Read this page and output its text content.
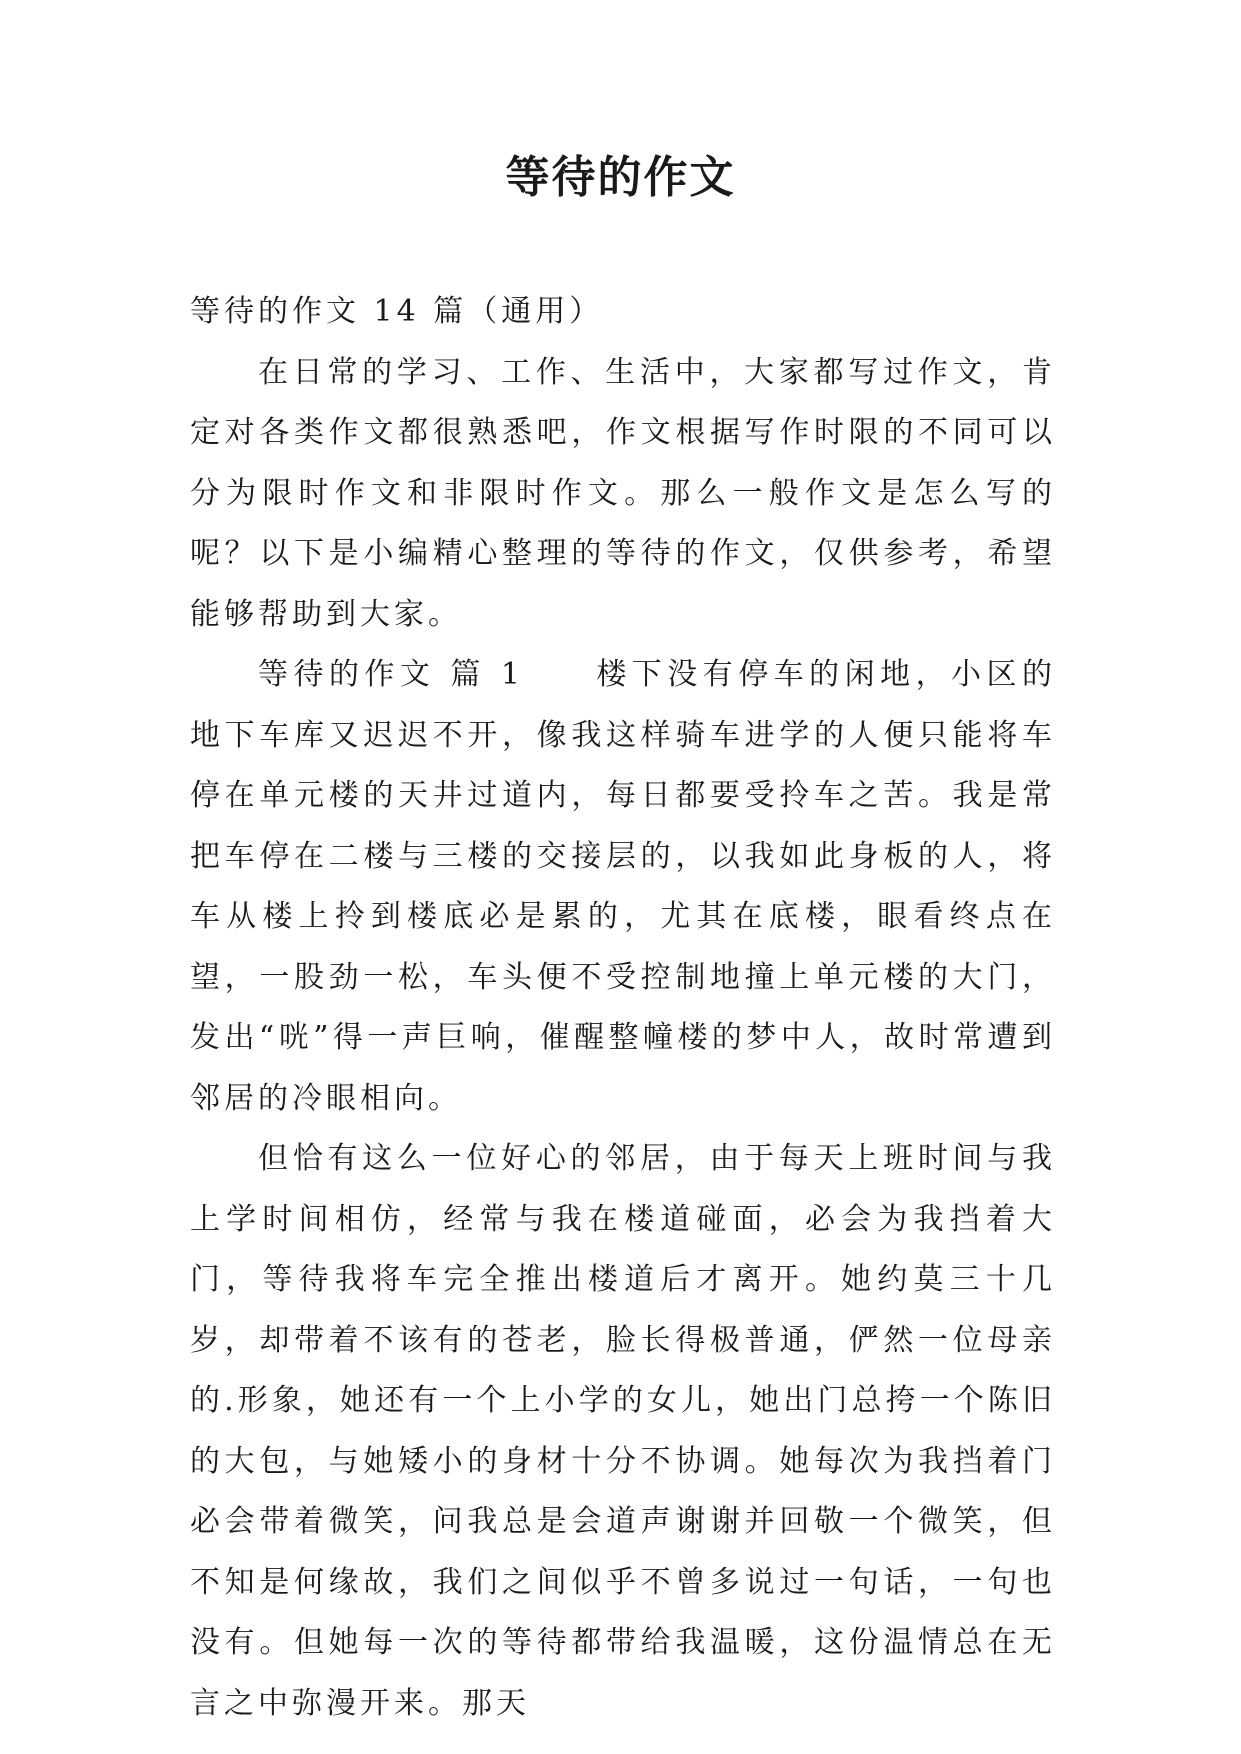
等待的作文

等待的作文 14 篇（通用）

在日常的学习、工作、生活中，大家都写过作文，肯定对各类作文都很熟悉吧，作文根据写作时限的不同可以分为限时作文和非限时作文。那么一般作文是怎么写的呢？以下是小编精心整理的等待的作文，仅供参考，希望能够帮助到大家。

等待的作文 篇 1　　楼下没有停车的闲地，小区的地下车库又迟迟不开，像我这样骑车进学的人便只能将车停在单元楼的天井过道内，每日都要受拎车之苦。我是常把车停在二楼与三楼的交接层的，以我如此身板的人，将车从楼上拎到楼底必是累的，尤其在底楼，眼看终点在望，一股劲一松，车头便不受控制地撞上单元楼的大门，发出“咣”得一声巨响，催醒整幢楼的梦中人，故时常遭到邻居的冷眼相向。

但恰有这么一位好心的邻居，由于每天上班时间与我上学时间相仿，经常与我在楼道碰面，必会为我挡着大门，等待我将车完全推出楼道后才离开。她约莫三十几岁，却带着不该有的苍老，脸长得极普通，俨然一位母亲的.形象，她还有一个上小学的女儿，她出门总挎一个陈旧的大包，与她矮小的身材十分不协调。她每次为我挡着门必会带着微笑，问我总是会道声谢谢并回敬一个微笑，但不知是何缘故，我们之间似乎不曾多说过一句话，一句也没有。但她每一次的等待都带给我温暖，这份温情总在无言之中弥漫开来。那天
